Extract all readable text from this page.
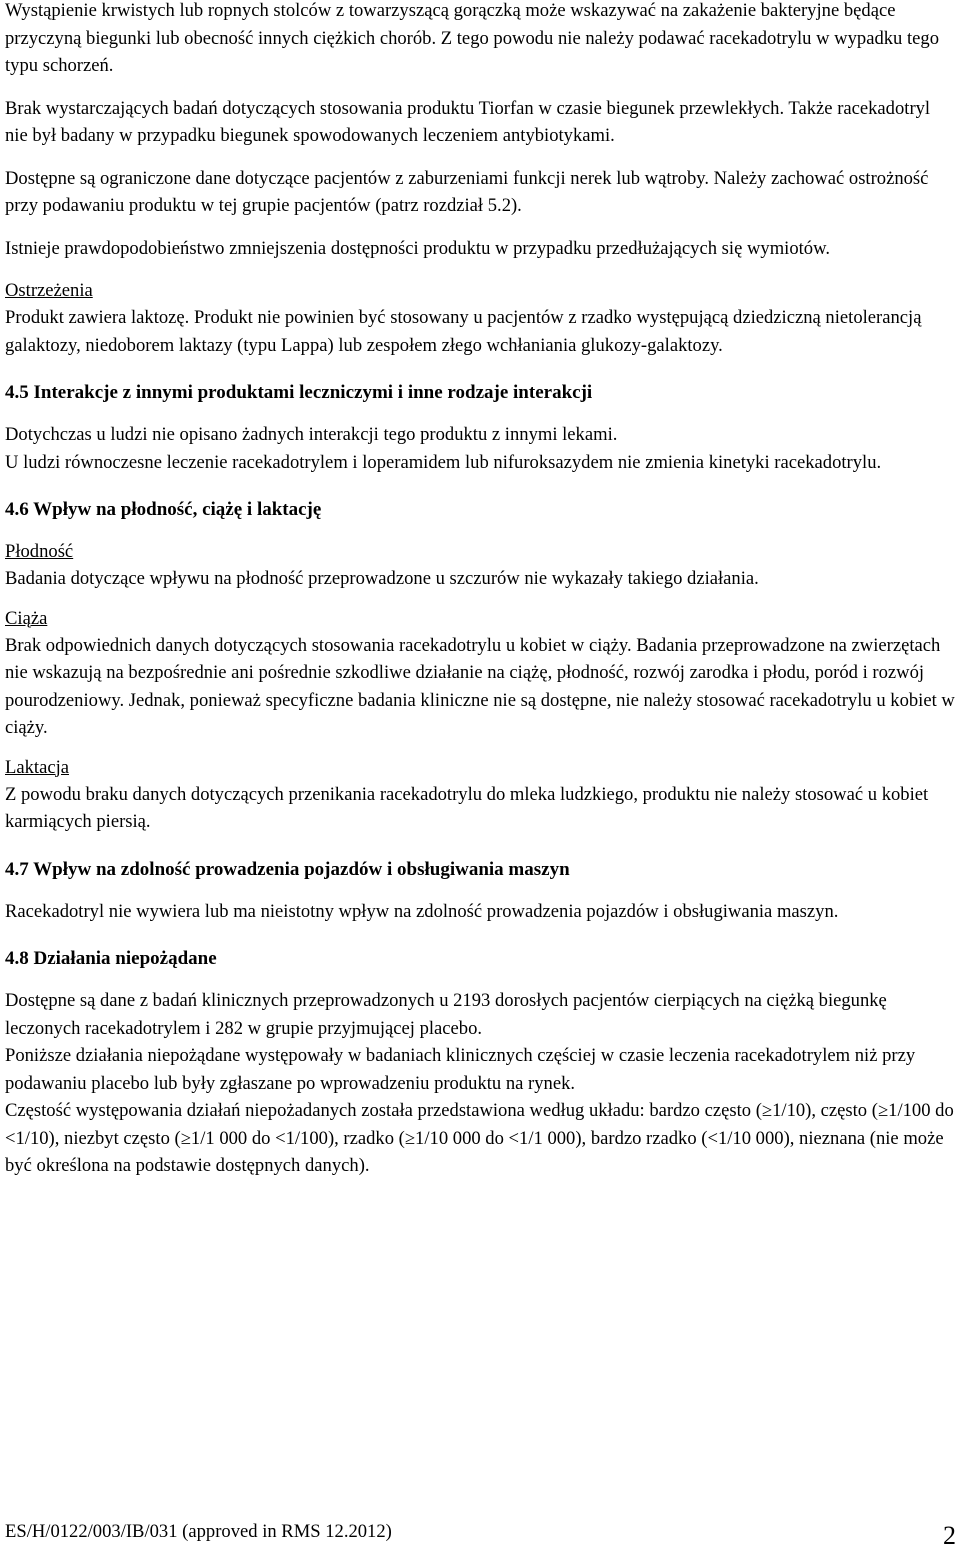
Wystąpienie krwistych lub ropnych stolców z towarzyszącą gorączką może wskazywać na zakażenie bakteryjne będące przyczyną biegunki lub obecność innych ciężkich chorób. Z tego powodu nie należy podawać racekadotrylu w wypadku tego typu schorzeń.

Brak wystarczających badań dotyczących stosowania produktu Tiorfan w czasie biegunek przewlekłych. Także racekadotryl nie był badany w przypadku biegunek spowodowanych leczeniem antybiotykami.

Dostępne są ograniczone dane dotyczące pacjentów z zaburzeniami funkcji nerek lub wątroby. Należy zachować ostrożność przy podawaniu produktu w tej grupie pacjentów (patrz rozdział 5.2).

Istnieje prawdopodobieństwo zmniejszenia dostępności produktu w przypadku przedłużających się wymiotów.

Ostrzeżenia

Produkt zawiera laktozę. Produkt nie powinien być stosowany u pacjentów z rzadko występującą dziedziczną nietolerancją galaktozy, niedoborem laktazy (typu Lappa) lub zespołem złego wchłaniania glukozy-galaktozy.

4.5 Interakcje z innymi produktami leczniczymi i inne rodzaje interakcji

Dotychczas u ludzi nie opisano żadnych interakcji tego produktu z innymi lekami.

U ludzi równoczesne leczenie racekadotrylem i loperamidem lub nifuroksazydem nie zmienia kinetyki racekadotrylu.

4.6 Wpływ na płodność, ciążę i laktację

Płodność

Badania dotyczące wpływu na płodność przeprowadzone u szczurów nie wykazały takiego działania.

Ciąża

Brak odpowiednich danych dotyczących stosowania racekadotrylu u kobiet w ciąży. Badania przeprowadzone na zwierzętach nie wskazują na bezpośrednie ani pośrednie szkodliwe działanie na ciążę, płodność, rozwój zarodka i płodu, poród i rozwój pourodzeniowy. Jednak, ponieważ specyficzne badania kliniczne nie są dostępne, nie należy stosować racekadotrylu u kobiet w ciąży.

Laktacja

Z powodu braku danych dotyczących przenikania racekadotrylu do mleka ludzkiego, produktu nie należy stosować u kobiet karmiących piersią.

4.7 Wpływ na zdolność prowadzenia pojazdów i obsługiwania maszyn

Racekadotryl nie wywiera lub ma nieistotny wpływ na zdolność prowadzenia pojazdów i obsługiwania maszyn.

4.8 Działania niepożądane

Dostępne są dane z badań klinicznych przeprowadzonych u 2193 dorosłych pacjentów cierpiących na ciężką biegunkę leczonych racekadotrylem i 282 w grupie przyjmującej placebo.

Poniższe działania niepożądane występowały w badaniach klinicznych częściej w czasie leczenia racekadotrylem niż przy podawaniu placebo lub były zgłaszane po wprowadzeniu produktu na rynek.

Częstość występowania działań niepożadanych została przedstawiona według układu: bardzo często (≥1/10), często (≥1/100 do <1/10), niezbyt często (≥1/1 000 do <1/100), rzadko (≥1/10 000 do <1/1 000), bardzo rzadko (<1/10 000), nieznana (nie może być określona na podstawie dostępnych danych).

ES/H/0122/003/IB/031 (approved in RMS 12.2012)	2
